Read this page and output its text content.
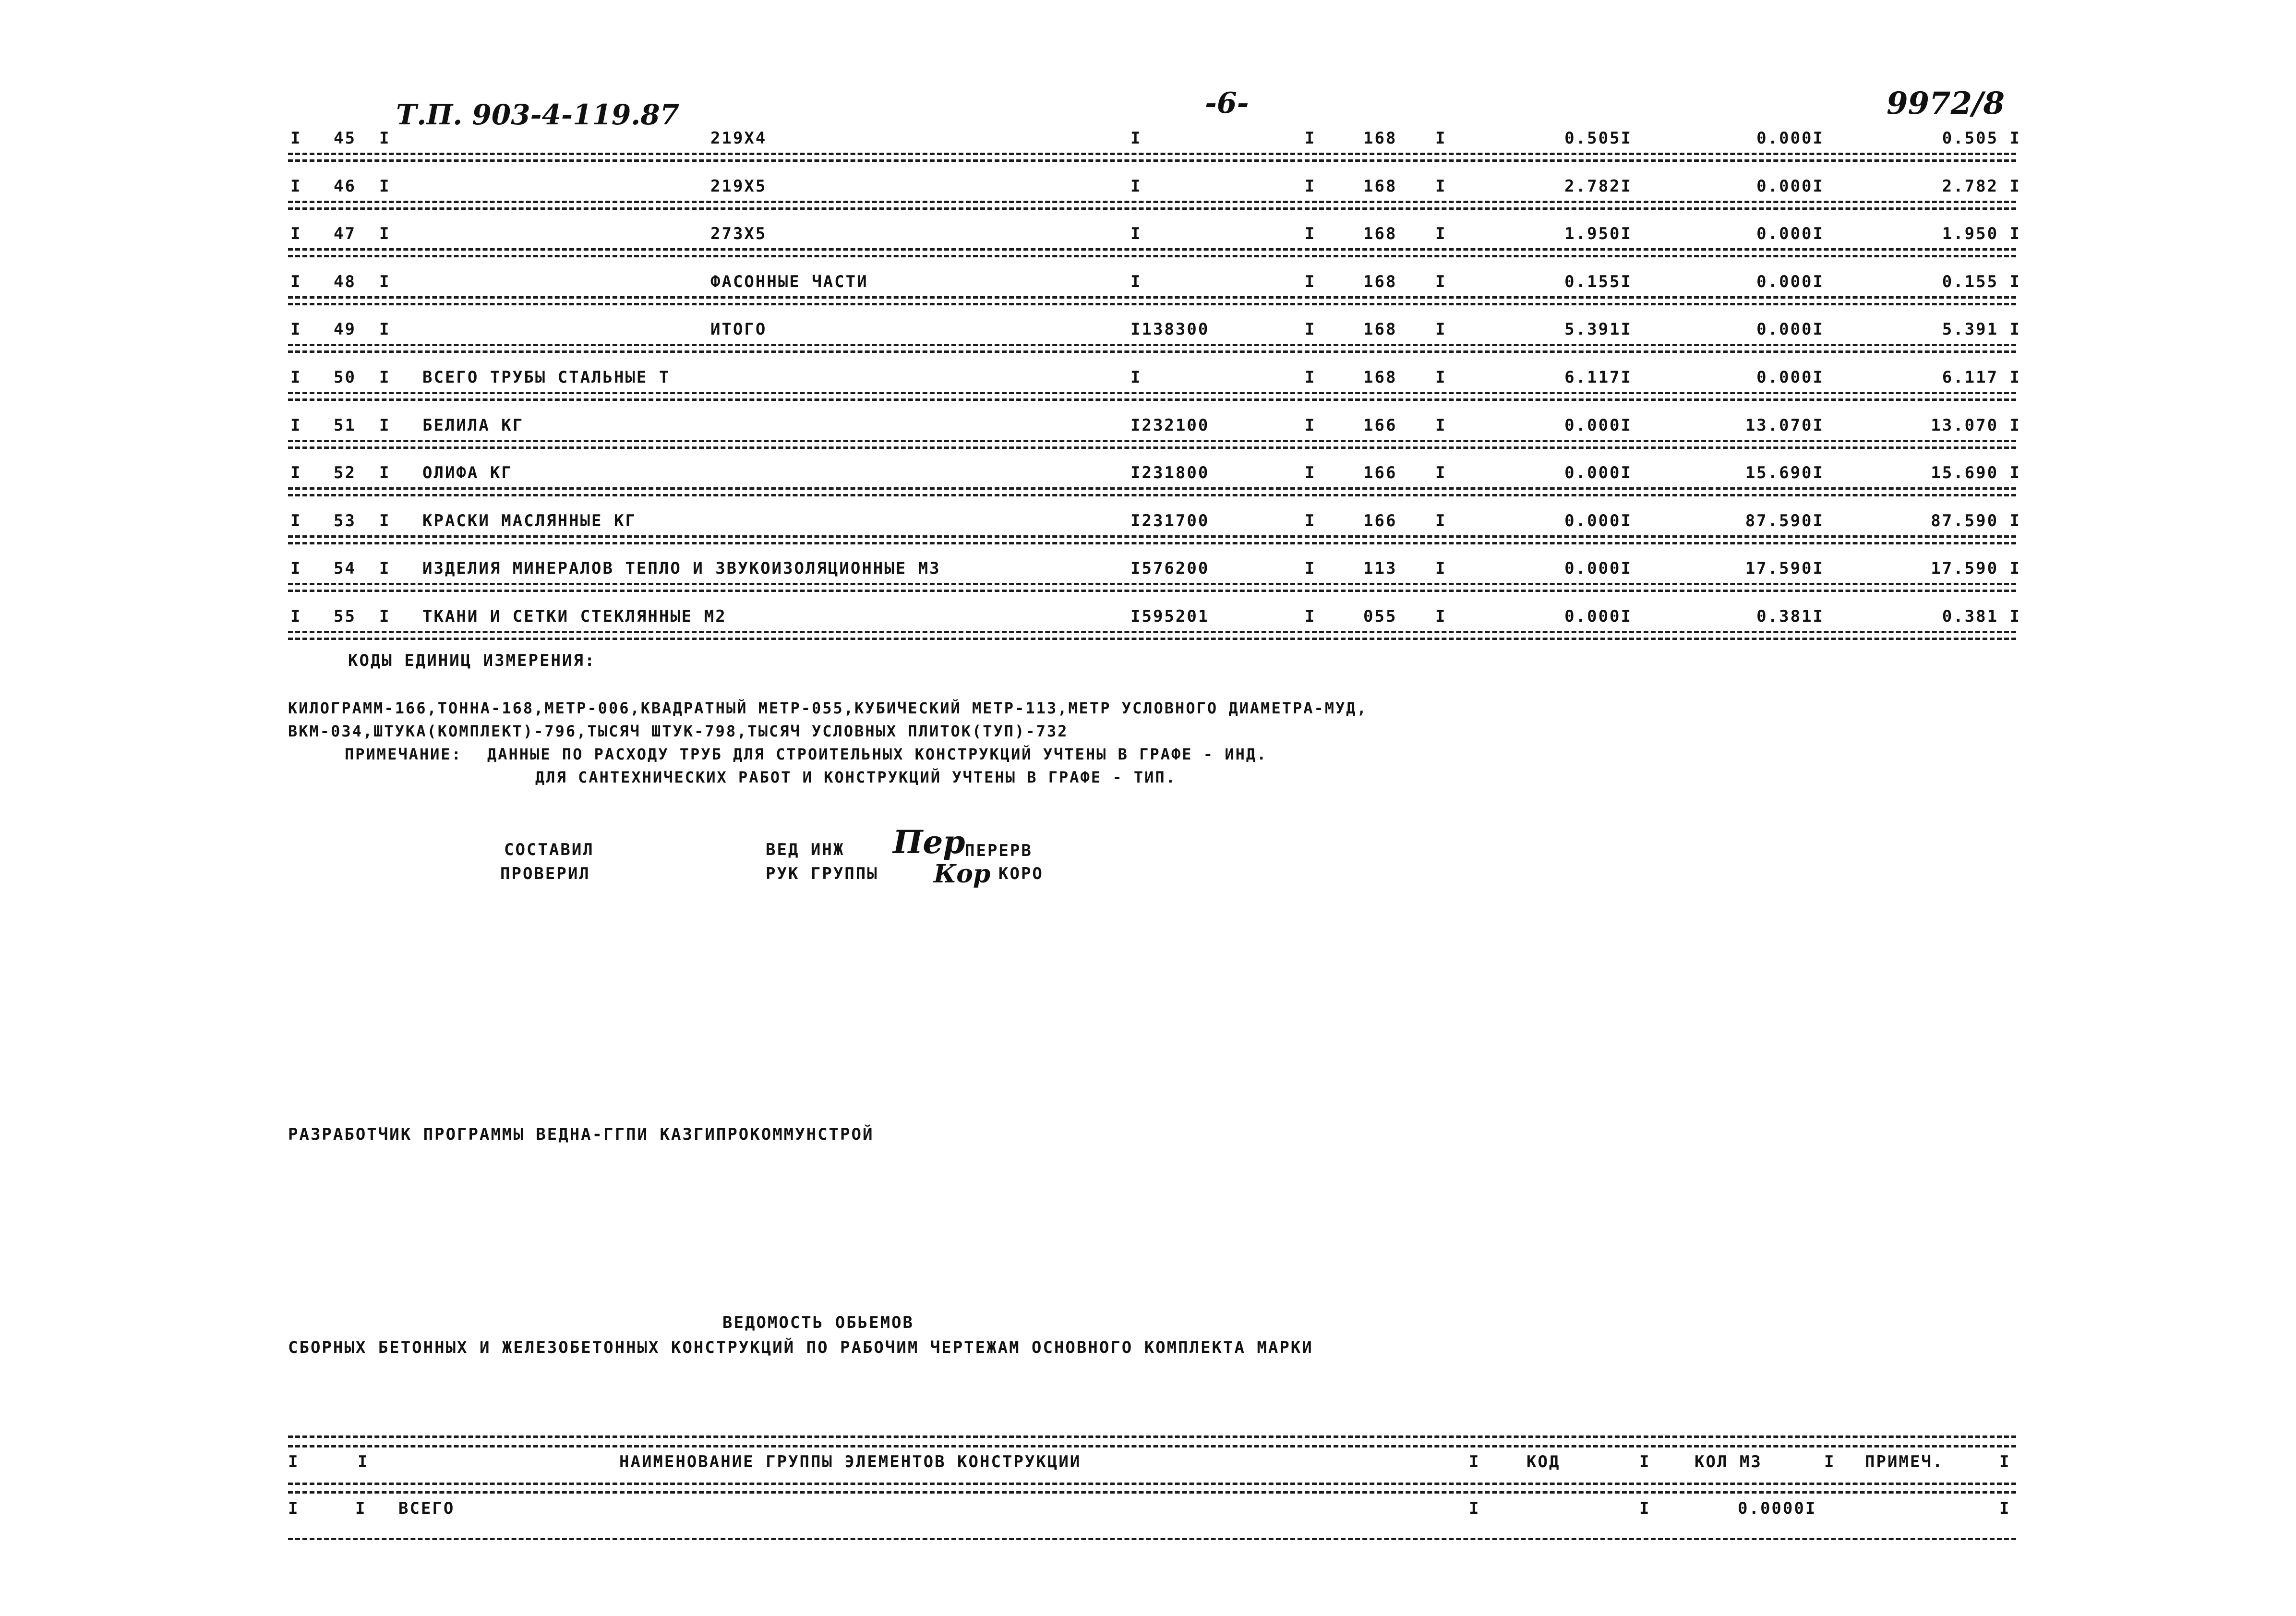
Т.П. 903-4-119.87	-6-	9972/8
I 45 I	219Х4	I	I	168 I	0.505I	0.000I	0.505 I
I 46 I	219Х5	I	I	168 I	2.782I	0.000I	2.782 I
I 47 I	273Х5	I	I	168 I	1.950I	0.000I	1.950 I
I 48 I	ФАСОННЫЕ ЧАСТИ	I	I	168 I	0.155I	0.000I	0.155 I
I 49 I	ИТОГО	I138300	I	168 I	5.391I	0.000I	5.391 I
I 50 I ВСЕГО ТРУБЫ СТАЛЬНЫЕ Т	I	I	168 I	6.117I	0.000I	6.117 I
I 51 I БЕЛИЛА КГ	I232100	I	166 I	0.000I	13.070I	13.070 I
I 52 I ОЛИФА КГ	I231800	I	166 I	0.000I	15.690I	15.690 I
I 53 I КРАСКИ МАСЛЯННЫЕ КГ	I231700	I	166 I	0.000I	87.590I	87.590 I
I 54 I ИЗДЕЛИЯ МИНЕРАЛОВ ТЕПЛО И ЗВУКОИЗОЛЯЦИОННЫЕ М3	I576200	I	113 I	0.000I	17.590I	17.590 I
I 55 I ТКАНИ И СЕТКИ СТЕКЛЯННЫЕ М2	I595201	I	055 I	0.000I	0.381I	0.381 I
КОДЫ ЕДИНИЦ ИЗМЕРЕНИЯ:
КИЛОГРАММ-166,ТОННА-168,МЕТР-006,КВАДРАТНЫЙ МЕТР-055,КУБИЧЕСКИЙ МЕТР-113,МЕТР УСЛОВНОГО ДИАМЕТРА-МУД,
ВКМ-034,ШТУКА(КОМПЛЕКТ)-796,ТЫСЯЧ ШТУК-798,ТЫСЯЧ УСЛОВНЫХ ПЛИТОК(ТУП)-732
ПРИМЕЧАНИЕ: ДАННЫЕ ПО РАСХОДУ ТРУБ ДЛЯ СТРОИТЕЛЬНЫХ КОНСТРУКЦИЙ УЧТЕНЫ В ГРАФЕ - ИНД.
ДЛЯ САНТЕХНИЧЕСКИХ РАБОТ И КОНСТРУКЦИЙ УЧТЕНЫ В ГРАФЕ - ТИП.
СОСТАВИЛ
ПРОВЕРИЛ
ВЕД ИНЖ
РУК ГРУППЫ
Пер
Кор
ПЕРЕРВ
КОРО
РАЗРАБОТЧИК ПРОГРАММЫ ВЕДНА-ГГПИ КАЗГИПРОКОММУНСТРОЙ
ВЕДОМОСТЬ ОБЬЕМОВ
СБОРНЫХ БЕТОННЫХ И ЖЕЛЕЗОБЕТОННЫХ КОНСТРУКЦИЙ ПО РАБОЧИМ ЧЕРТЕЖАМ ОСНОВНОГО КОМПЛЕКТА МАРКИ
I	I	НАИМЕНОВАНИЕ ГРУППЫ ЭЛЕМЕНТОВ КОНСТРУКЦИИ	I	КОД	I	КОЛ М3	I ПРИМЕЧ.	I
I	I ВСЕГО	I	I	0.0000I	I
